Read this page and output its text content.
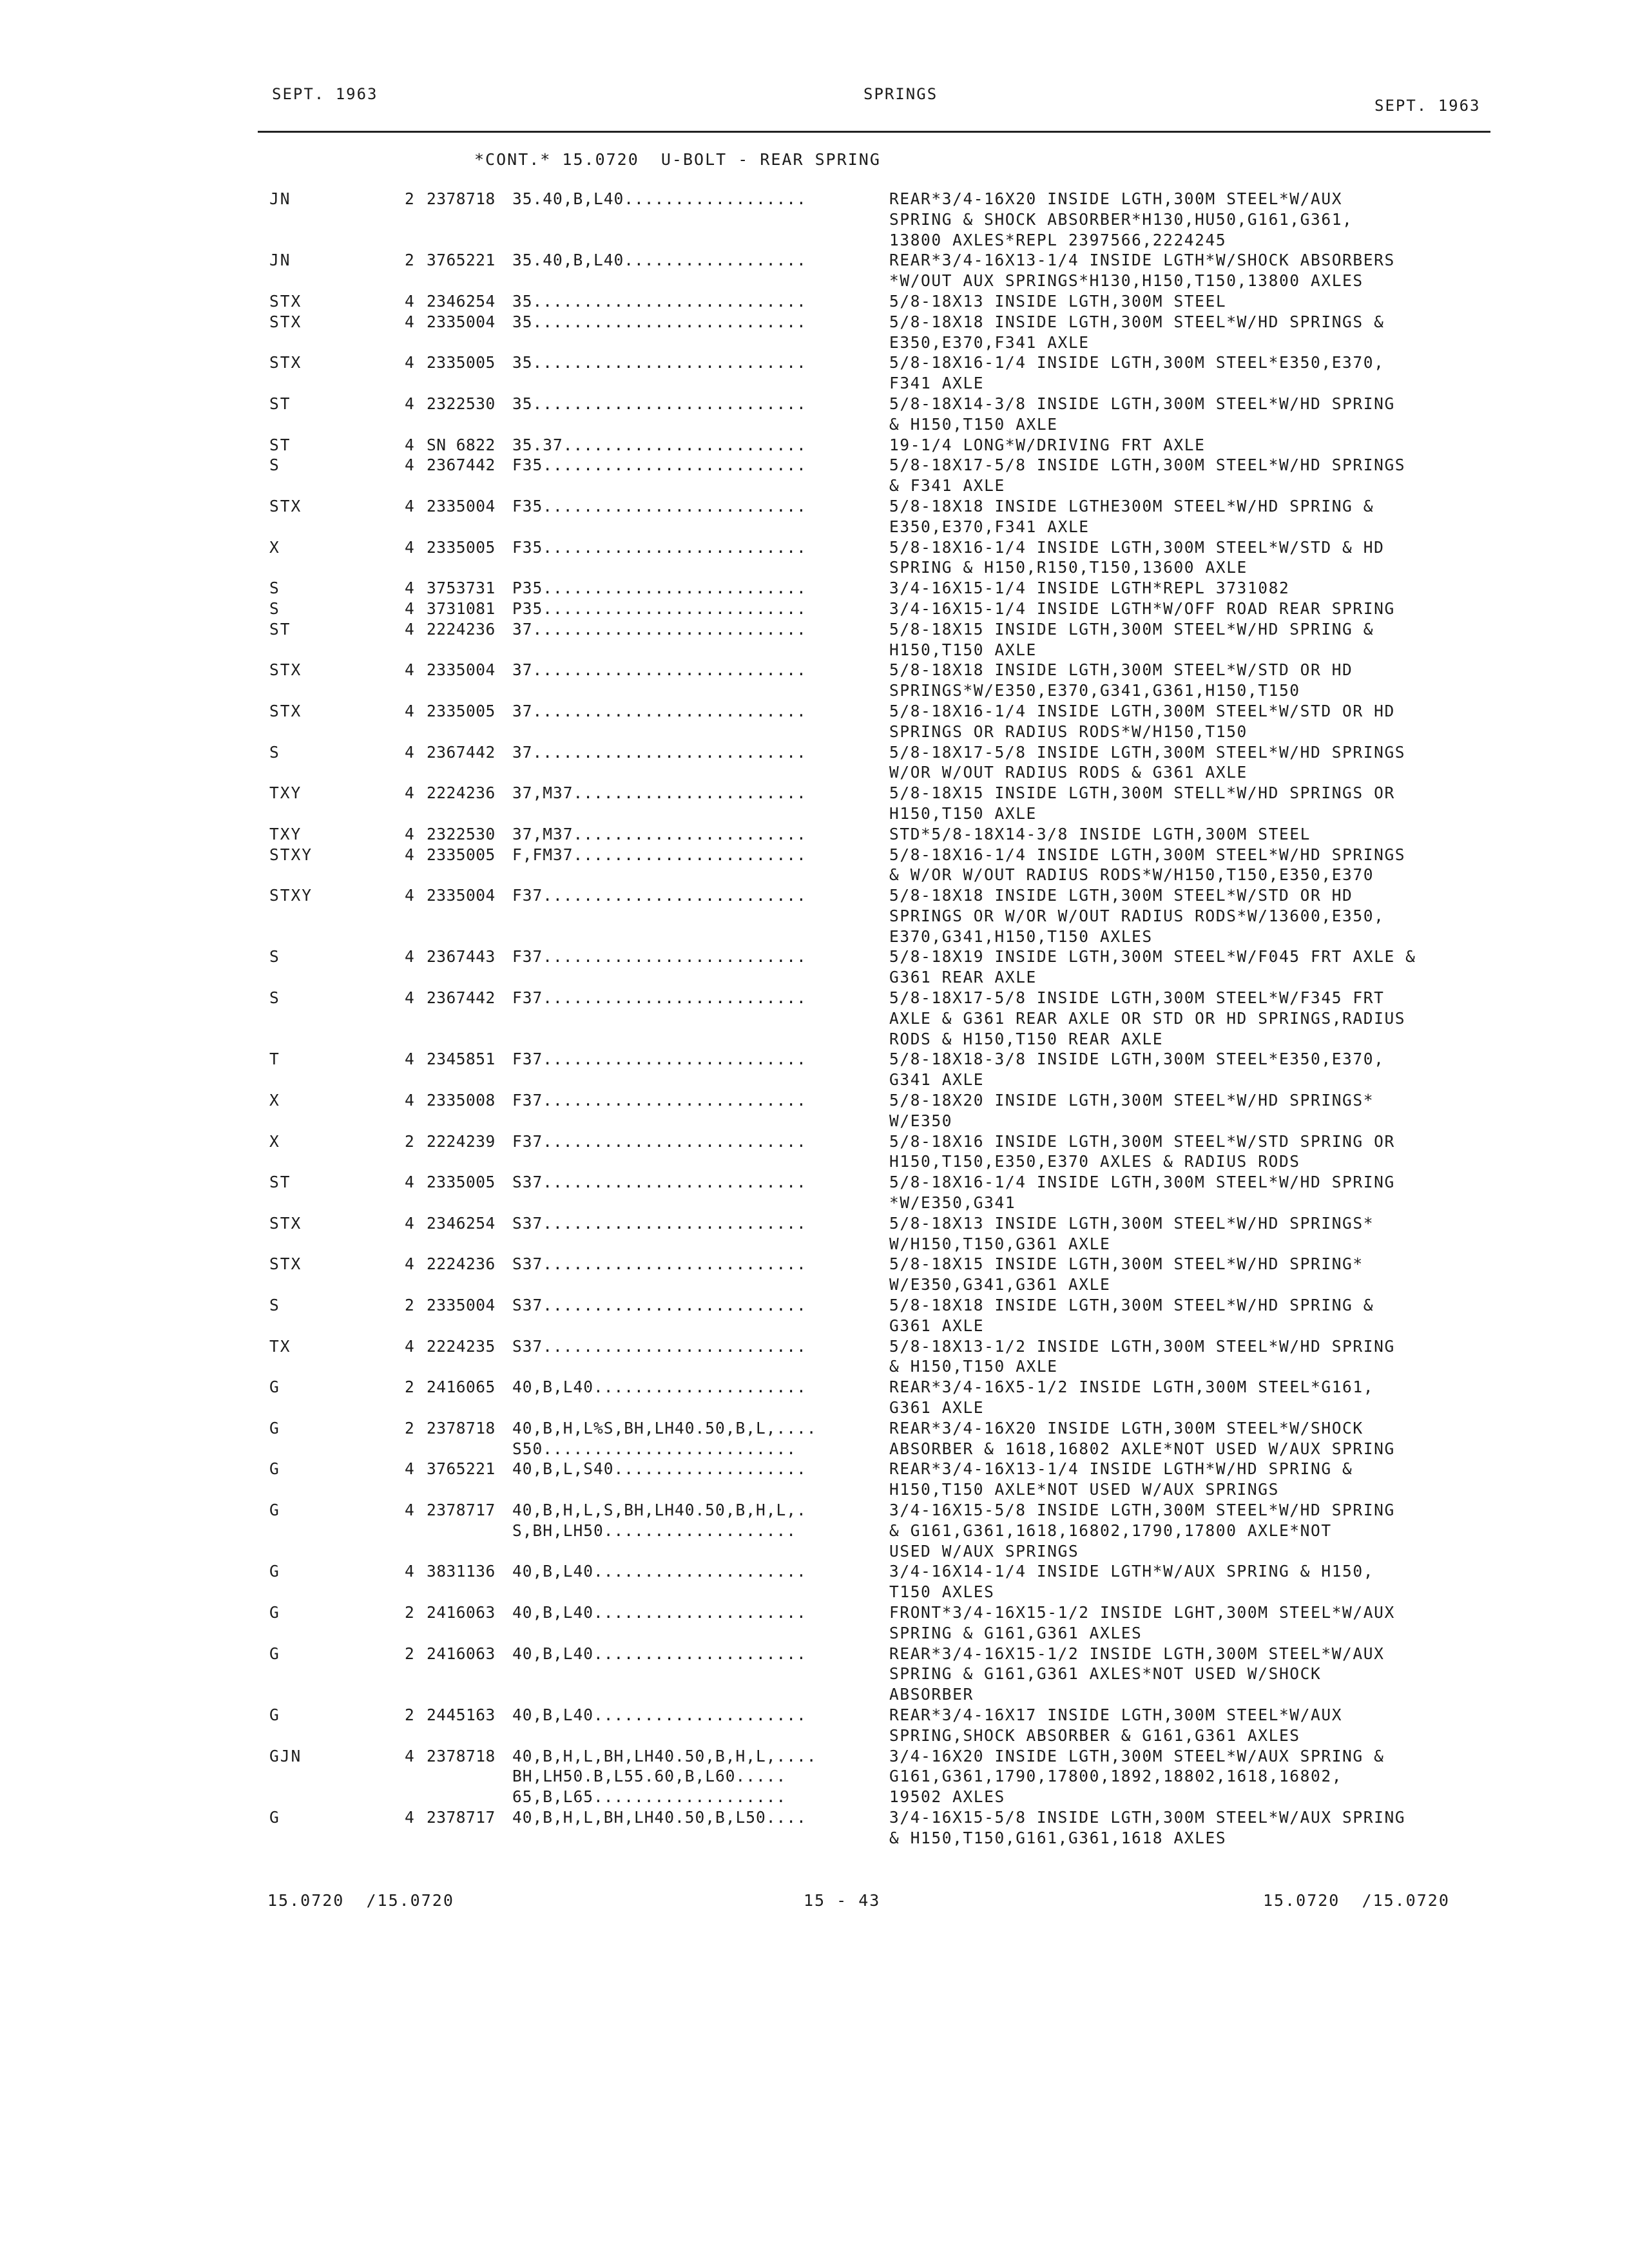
SEPT. 1963	SPRINGS
SEPT. 1963
*CONT.* 15.0720  U-BOLT - REAR SPRING
JN	2 2378718 35.40,B,L40..................	REAR*3/4-16X20 INSIDE LGTH,300M STEEL*W/AUX
SPRING & SHOCK ABSORBER*H130,HU50,G161,G361,
13800 AXLES*REPL 2397566,2224245
JN	2 3765221 35.40,B,L40..................	REAR*3/4-16X13-1/4 INSIDE LGTH*W/SHOCK ABSORBERS
*W/OUT AUX SPRINGS*H130,H150,T150,13800 AXLES
STX	4 2346254 35...........................	5/8-18X13 INSIDE LGTH,300M STEEL
STX	4 2335004 35...........................	5/8-18X18 INSIDE LGTH,300M STEEL*W/HD SPRINGS &
E350,E370,F341 AXLE
STX	4 2335005 35...........................	5/8-18X16-1/4 INSIDE LGTH,300M STEEL*E350,E370,
F341 AXLE
ST	4 2322530 35...........................	5/8-18X14-3/8 INSIDE LGTH,300M STEEL*W/HD SPRING
& H150,T150 AXLE
ST	4 SN 6822 35.37........................	19-1/4 LONG*W/DRIVING FRT AXLE
S	4 2367442 F35..........................	5/8-18X17-5/8 INSIDE LGTH,300M STEEL*W/HD SPRINGS
& F341 AXLE
STX	4 2335004 F35..........................	5/8-18X18 INSIDE LGTHE300M STEEL*W/HD SPRING &
E350,E370,F341 AXLE
X	4 2335005 F35..........................	5/8-18X16-1/4 INSIDE LGTH,300M STEEL*W/STD & HD
SPRING & H150,R150,T150,13600 AXLE
S	4 3753731 P35..........................	3/4-16X15-1/4 INSIDE LGTH*REPL 3731082
S	4 3731081 P35..........................	3/4-16X15-1/4 INSIDE LGTH*W/OFF ROAD REAR SPRING
ST	4 2224236 37...........................	5/8-18X15 INSIDE LGTH,300M STEEL*W/HD SPRING &
H150,T150 AXLE
STX	4 2335004 37...........................	5/8-18X18 INSIDE LGTH,300M STEEL*W/STD OR HD
SPRINGS*W/E350,E370,G341,G361,H150,T150
STX	4 2335005 37...........................	5/8-18X16-1/4 INSIDE LGTH,300M STEEL*W/STD OR HD
SPRINGS OR RADIUS RODS*W/H150,T150
S	4 2367442 37...........................	5/8-18X17-5/8 INSIDE LGTH,300M STEEL*W/HD SPRINGS
W/OR W/OUT RADIUS RODS & G361 AXLE
TXY	4 2224236 37,M37.......................	5/8-18X15 INSIDE LGTH,300M STELL*W/HD SPRINGS OR
H150,T150 AXLE
TXY	4 2322530 37,M37.......................	STD*5/8-18X14-3/8 INSIDE LGTH,300M STEEL
STXY	4 2335005 F,FM37.......................	5/8-18X16-1/4 INSIDE LGTH,300M STEEL*W/HD SPRINGS
& W/OR W/OUT RADIUS RODS*W/H150,T150,E350,E370
STXY	4 2335004 F37..........................	5/8-18X18 INSIDE LGTH,300M STEEL*W/STD OR HD
SPRINGS OR W/OR W/OUT RADIUS RODS*W/13600,E350,
E370,G341,H150,T150 AXLES
S	4 2367443 F37..........................	5/8-18X19 INSIDE LGTH,300M STEEL*W/F045 FRT AXLE &
G361 REAR AXLE
S	4 2367442 F37..........................	5/8-18X17-5/8 INSIDE LGTH,300M STEEL*W/F345 FRT
AXLE & G361 REAR AXLE OR STD OR HD SPRINGS,RADIUS
RODS & H150,T150 REAR AXLE
T	4 2345851 F37..........................	5/8-18X18-3/8 INSIDE LGTH,300M STEEL*E350,E370,
G341 AXLE
X	4 2335008 F37..........................	5/8-18X20 INSIDE LGTH,300M STEEL*W/HD SPRINGS*
W/E350
X	2 2224239 F37..........................	5/8-18X16 INSIDE LGTH,300M STEEL*W/STD SPRING OR
H150,T150,E350,E370 AXLES & RADIUS RODS
ST	4 2335005 S37..........................	5/8-18X16-1/4 INSIDE LGTH,300M STEEL*W/HD SPRING
*W/E350,G341
STX	4 2346254 S37..........................	5/8-18X13 INSIDE LGTH,300M STEEL*W/HD SPRINGS*
W/H150,T150,G361 AXLE
STX	4 2224236 S37..........................	5/8-18X15 INSIDE LGTH,300M STEEL*W/HD SPRING*
W/E350,G341,G361 AXLE
S	2 2335004 S37..........................	5/8-18X18 INSIDE LGTH,300M STEEL*W/HD SPRING &
G361 AXLE
TX	4 2224235 S37..........................	5/8-18X13-1/2 INSIDE LGTH,300M STEEL*W/HD SPRING
& H150,T150 AXLE
G	2 2416065 40,B,L40.....................	REAR*3/4-16X5-1/2 INSIDE LGTH,300M STEEL*G161,
G361 AXLE
G	2 2378718 40,B,H,L%S,BH,LH40.50,B,L,....	REAR*3/4-16X20 INSIDE LGTH,300M STEEL*W/SHOCK
S50.........................	ABSORBER & 1618,16802 AXLE*NOT USED W/AUX SPRING
G	4 3765221 40,B,L,S40...................	REAR*3/4-16X13-1/4 INSIDE LGTH*W/HD SPRING &
H150,T150 AXLE*NOT USED W/AUX SPRINGS
G	4 2378717 40,B,H,L,S,BH,LH40.50,B,H,L,.	3/4-16X15-5/8 INSIDE LGTH,300M STEEL*W/HD SPRING
S,BH,LH50...................	& G161,G361,1618,16802,1790,17800 AXLE*NOT
USED W/AUX SPRINGS
G	4 3831136 40,B,L40.....................	3/4-16X14-1/4 INSIDE LGTH*W/AUX SPRING & H150,
T150 AXLES
G	2 2416063 40,B,L40.....................	FRONT*3/4-16X15-1/2 INSIDE LGHT,300M STEEL*W/AUX
SPRING & G161,G361 AXLES
G	2 2416063 40,B,L40.....................	REAR*3/4-16X15-1/2 INSIDE LGTH,300M STEEL*W/AUX
SPRING & G161,G361 AXLES*NOT USED W/SHOCK
ABSORBER
G	2 2445163 40,B,L40.....................	REAR*3/4-16X17 INSIDE LGTH,300M STEEL*W/AUX
SPRING,SHOCK ABSORBER & G161,G361 AXLES
GJN	4 2378718 40,B,H,L,BH,LH40.50,B,H,L,....	3/4-16X20 INSIDE LGTH,300M STEEL*W/AUX SPRING &
BH,LH50.B,L55.60,B,L60.....	G161,G361,1790,17800,1892,18802,1618,16802,
65,B,L65...................	19502 AXLES
G	4 2378717 40,B,H,L,BH,LH40.50,B,L50....	3/4-16X15-5/8 INSIDE LGTH,300M STEEL*W/AUX SPRING
& H150,T150,G161,G361,1618 AXLES
15.0720  /15.0720	15 - 43	15.0720  /15.0720
